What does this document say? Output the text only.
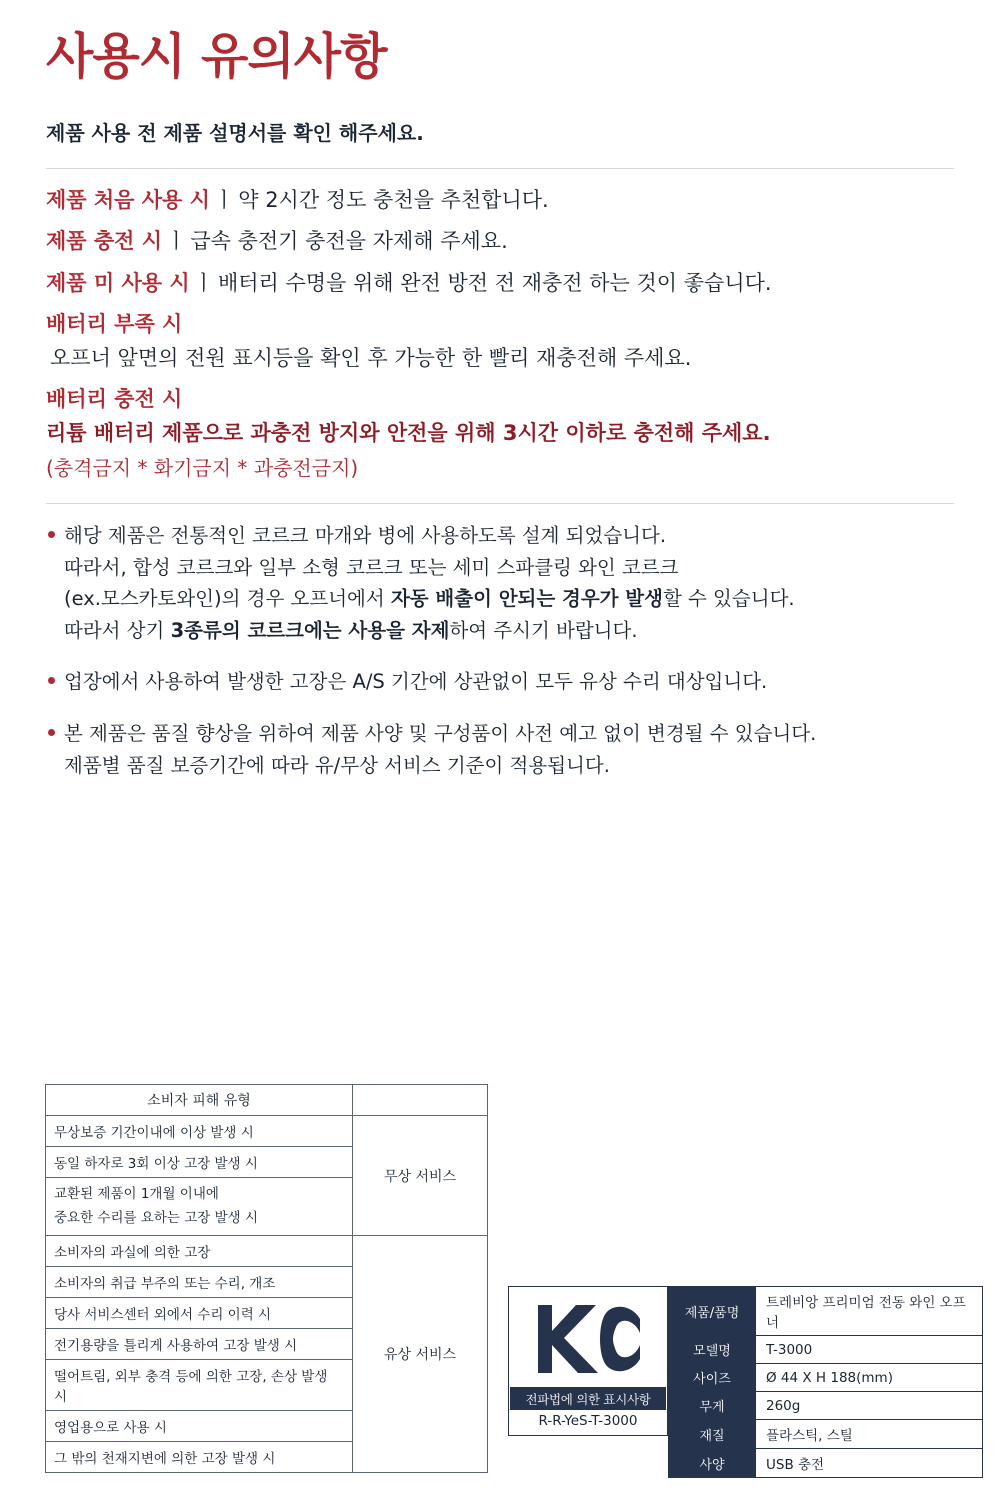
사용시 유의사항
제품 사용 전 제품 설명서를 확인 해주세요.
제품 처음 사용 시 ㅣ 약 2시간 정도 충천을 추천합니다.
제품 충전 시 ㅣ 급속 충전기 충전을 자제해 주세요.
제품 미 사용 시 ㅣ 배터리 수명을 위해 완전 방전 전 재충전 하는 것이 좋습니다.
배터리 부족 시
오프너 앞면의 전원 표시등을 확인 후 가능한 한 빨리 재충전해 주세요.
배터리 충전 시
리튬 배터리 제품으로 과충전 방지와 안전을 위해 3시간 이하로 충전해 주세요.
(충격금지 * 화기금지 * 과충전금지)
해당 제품은 전통적인 코르크 마개와 병에 사용하도록 설계 되었습니다.
따라서, 합성 코르크와 일부 소형 코르크 또는 세미 스파클링 와인 코르크
(ex.모스카토와인)의 경우 오프너에서 자동 배출이 안되는 경우가 발생할 수 있습니다.
따라서 상기 3종류의 코르크에는 사용을 자제하여 주시기 바랍니다.
업장에서 사용하여 발생한 고장은 A/S 기간에 상관없이 모두 유상 수리 대상입니다.
본 제품은 품질 향상을 위하여 제품 사양 및 구성품이 사전 예고 없이 변경될 수 있습니다.
제품별 품질 보증기간에 따라 유/무상 서비스 기준이 적용됩니다.
소비자 피해 유형	
무상보증 기간이내에 이상 발생 시	무상 서비스
동일 하자로 3회 이상 고장 발생 시	

교환된 제품이 1개월 이내에
중요한 수리를 요하는 고장 발생 시	

소비자의 과실에 의한 고장	유상 서비스
소비자의 취급 부주의 또는 수리, 개조	
당사 서비스센터 외에서 수리 이력 시	
전기용량을 틀리게 사용하여 고장 발생 시	
떨어트림, 외부 충격 등에 의한 고장, 손상 발생 시	
영업용으로 사용 시	
그 밖의 천재지변에 의한 고장 발생 시	
전파법에 의한 표시사항
R-R-YeS-T-3000
제품/품명	트레비앙 프리미엄 전동 와인 오프너
모델명	T-3000
사이즈	Ø 44 X H 188(mm)
무게	260g
재질	플라스틱, 스틸
사양	USB 충전
